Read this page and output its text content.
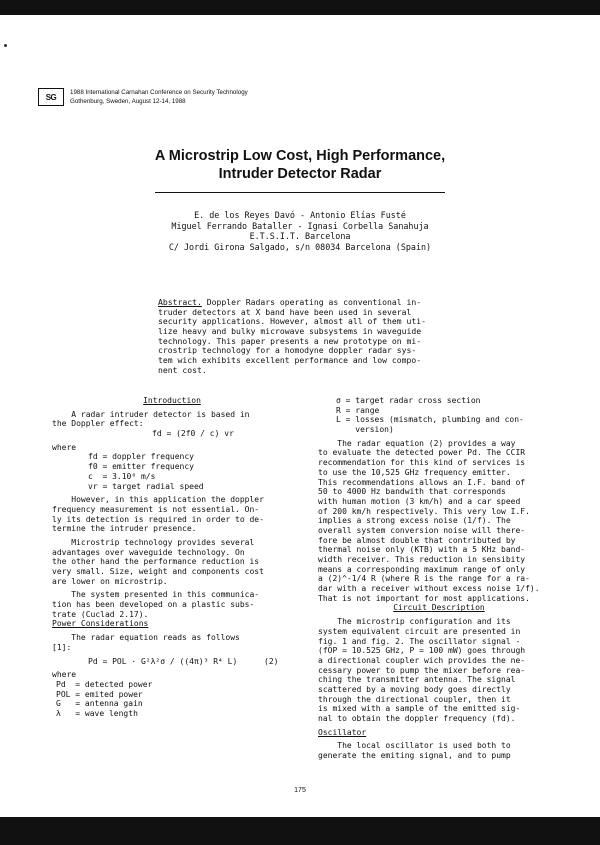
SG	1988 International Carnahan Conference on Security Technology
Gothenburg, Sweden, August 12-14, 1988
A Microstrip Low Cost, High Performance,
Intruder Detector Radar
E. de los Reyes Davó - Antonio Elías Fusté
Miguel Ferrando Bataller - Ignasi Corbella Sanahuja
E.T.S.I.T. Barcelona
C/ Jordi Girona Salgado, s/n 08034 Barcelona (Spain)
Abstract. Doppler Radars operating as conventional in-
truder detectors at X band have been used in several
security applications. However, almost all of them uti-
lize heavy and bulky microwave subsystems in waveguide
technology. This paper presents a new prototype on mi-
crostrip technology for a homodyne doppler radar sys-
tem wich exhibits excellent performance and low compo-
nent cost.
Introduction
A radar intruder detector is based in
the Doppler effect:
fd = (2f0 / c) vr
where
fd = doppler frequency
f0 = emitter frequency
c  = 3.10⁸ m/s
vr = target radial speed
However, in this application the doppler
frequency measurement is not essential. On-
ly its detection is required in order to de-
termine the intruder presence.
Microstrip technology provides several
advantages over waveguide technology. On
the other hand the performance reduction is
very small. Size, weight and components cost
are lower on microstrip.
The system presented in this communica-
tion has been developed on a plastic subs-
trate (Cuclad 2.17).
Power Considerations
The radar equation reads as follows
[1]:
Pd = POL · G²λ²σ / ((4π)³ R⁴ L)	(2)
where
Pd  = detected power
POL = emited power
G   = antenna gain
λ   = wave length
σ = target radar cross section
R = range
L = losses (mismatch, plumbing and con-
version)
The radar equation (2) provides a way
to evaluate the detected power Pd. The CCIR
recommendation for this kind of services is
to use the 10,525 GHz frequency emitter.
This recommendations allows an I.F. band of
50 to 4000 Hz bandwith that corresponds
with human motion (3 km/h) and a car speed
of 200 km/h respectively. This very low I.F.
implies a strong excess noise (1/f). The
overall system conversion noise will there-
fore be almost double that contributed by
thermal noise only (KTB) with a 5 KHz band-
width receiver. This reduction in sensibity
means a corresponding maximum range of only
a (2)^-1/4 R (where R is the range for a ra-
dar with a receiver without excess noise 1/f).
That is not important for most applications.
Circuit Description
The microstrip configuration and its
system equivalent circuit are presented in
fig. 1 and fig. 2. The oscillator signal -
(fOP = 10.525 GHz, P = 100 mW) goes through
a directional coupler wich provides the ne-
cessary power to pump the mixer before rea-
ching the transmitter antenna. The signal
scattered by a moving body goes directly
through the directional coupler, then it
is mixed with a sample of the emitted sig-
nal to obtain the doppler frequency (fd).
Oscillator
The local oscillator is used both to
generate the emiting signal, and to pump
175
